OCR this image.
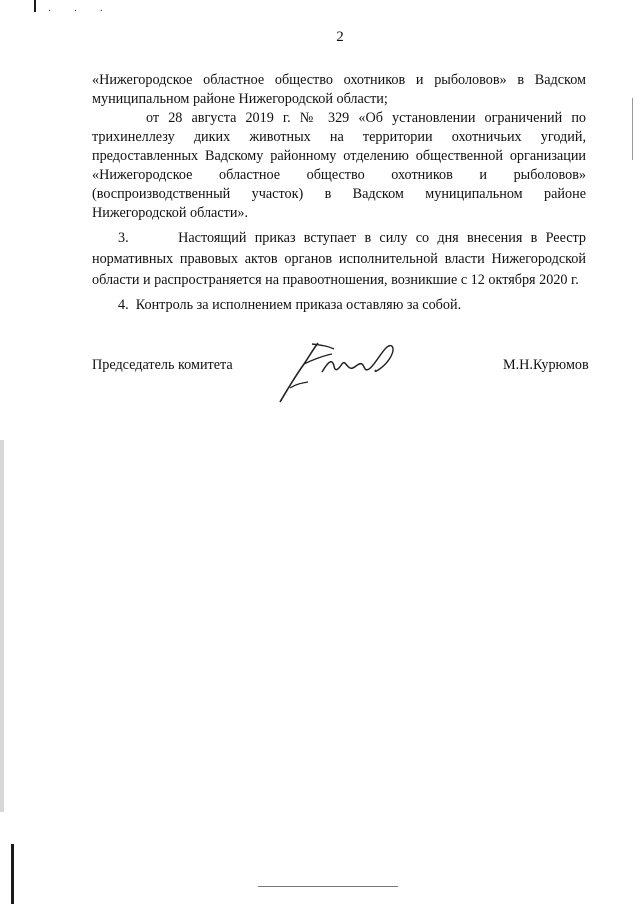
· · ·
2

«Нижегородское областное общество охотников и рыболовов» в Вадском муниципальном районе Нижегородской области;

от 28 августа 2019 г. № 329 «Об установлении ограничений по трихинеллезу диких животных на территории охотничьих угодий, предоставленных Вадскому районному отделению общественной организации «Нижегородское областное общество охотников и рыболовов» (воспроизводственный участок) в Вадском муниципальном районе Нижегородской области».

3.      Настоящий приказ вступает в силу со дня внесения в Реестр нормативных правовых актов органов исполнительной власти Нижегородской области и распространяется на правоотношения, возникшие с 12 октября 2020 г.

4.  Контроль за исполнением приказа оставляю за собой.

Председатель комитета	М.Н.Курюмов
